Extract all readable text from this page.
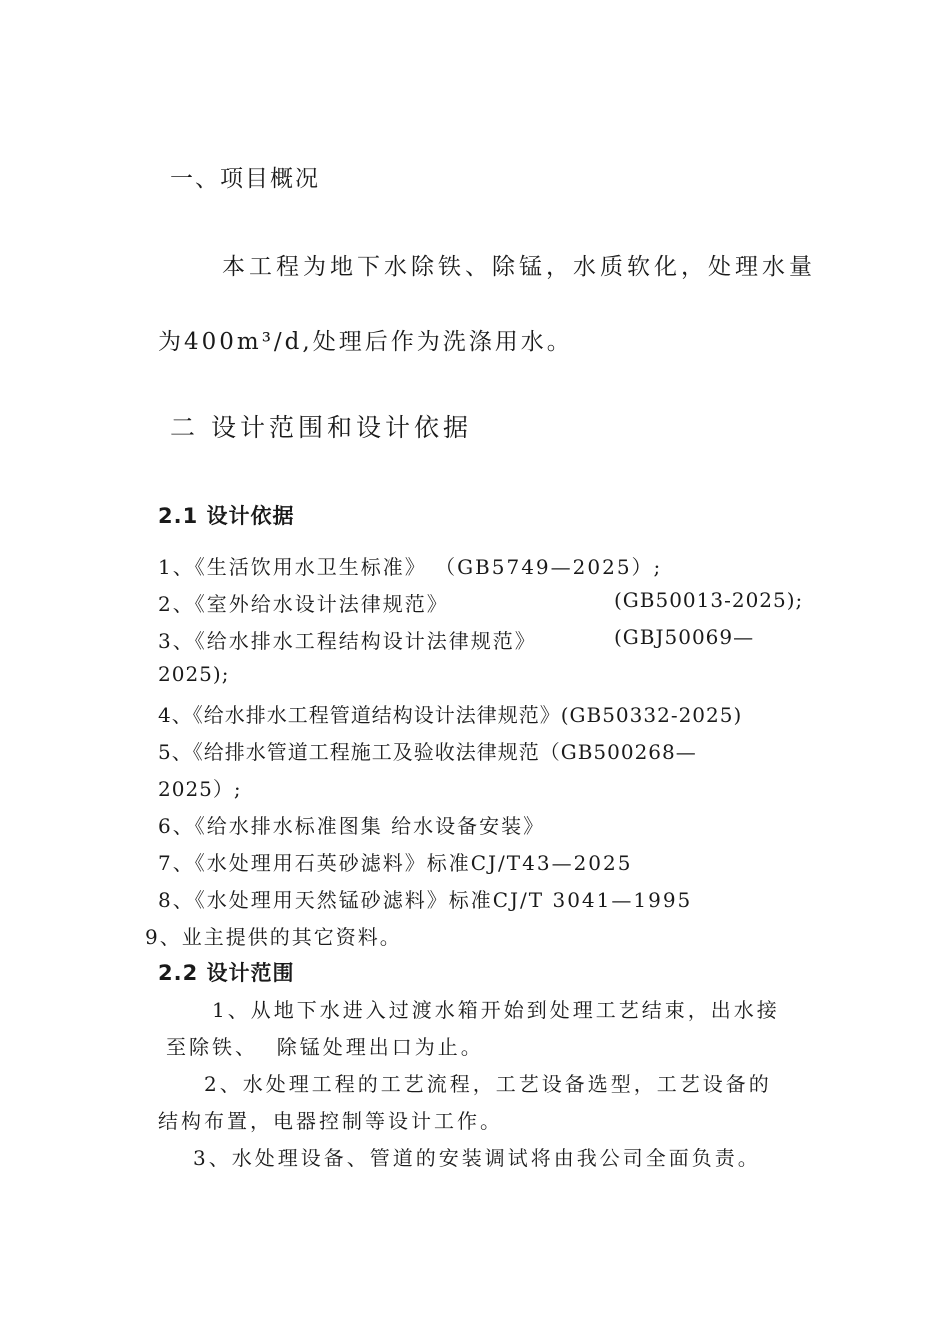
一、项目概况

本工程为地下水除铁、除锰，水质软化，处理水量

为400m³/d,处理后作为洗涤用水。

二 设计范围和设计依据

2.1 设计依据

1、《生活饮用水卫生标准》 （GB5749—2025）;

2、《室外给水设计法律规范》	(GB50013-2025);

3、《给水排水工程结构设计法律规范》	(GBJ50069—

2025);

4、《给水排水工程管道结构设计法律规范》(GB50332-2025)

5、《给排水管道工程施工及验收法律规范（GB500268—

2025）;

6、《给水排水标准图集 给水设备安装》

7、《水处理用石英砂滤料》标准CJ/T43—2025

8、《水处理用天然锰砂滤料》标准CJ/T 3041—1995

9、业主提供的其它资料。

2.2 设计范围

1、从地下水进入过渡水箱开始到处理工艺结束，出水接

至除铁、  除锰处理出口为止。

2、水处理工程的工艺流程，工艺设备选型，工艺设备的

结构布置，电器控制等设计工作。

3、水处理设备、管道的安装调试将由我公司全面负责。
